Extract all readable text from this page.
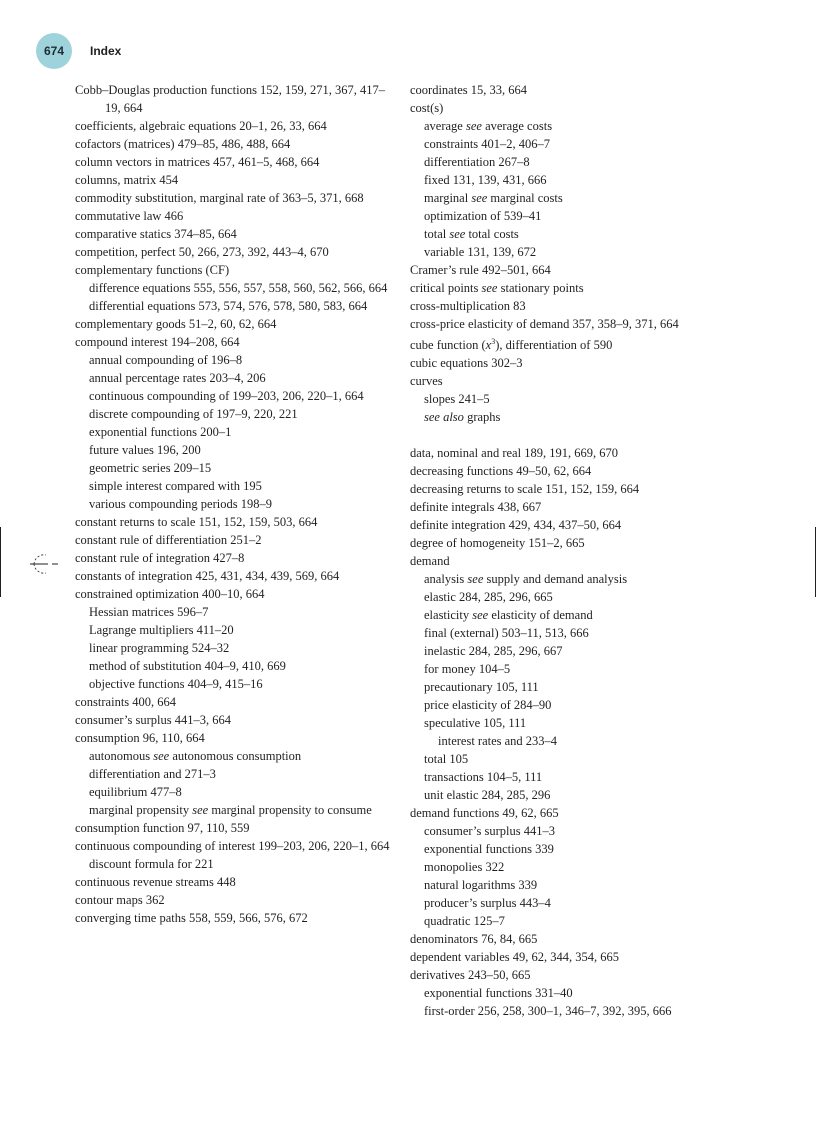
674 Index

Cobb–Douglas production functions 152, 159, 271, 367, 417–19, 664

coefficients, algebraic equations 20–1, 26, 33, 664

cofactors (matrices) 479–85, 486, 488, 664

column vectors in matrices 457, 461–5, 468, 664

columns, matrix 454

commodity substitution, marginal rate of 363–5, 371, 668

commutative law 466

comparative statics 374–85, 664

competition, perfect 50, 266, 273, 392, 443–4, 670

complementary functions (CF)

difference equations 555, 556, 557, 558, 560, 562, 566, 664

differential equations 573, 574, 576, 578, 580, 583, 664

complementary goods 51–2, 60, 62, 664

compound interest 194–208, 664

annual compounding of 196–8

annual percentage rates 203–4, 206

continuous compounding of 199–203, 206, 220–1, 664

discrete compounding of 197–9, 220, 221

exponential functions 200–1

future values 196, 200

geometric series 209–15

simple interest compared with 195

various compounding periods 198–9

constant returns to scale 151, 152, 159, 503, 664

constant rule of differentiation 251–2

constant rule of integration 427–8

constants of integration 425, 431, 434, 439, 569, 664

constrained optimization 400–10, 664

Hessian matrices 596–7

Lagrange multipliers 411–20

linear programming 524–32

method of substitution 404–9, 410, 669

objective functions 404–9, 415–16

constraints 400, 664

consumer’s surplus 441–3, 664

consumption 96, 110, 664

autonomous see autonomous consumption

differentiation and 271–3

equilibrium 477–8

marginal propensity see marginal propensity to consume

consumption function 97, 110, 559

continuous compounding of interest 199–203, 206, 220–1, 664

discount formula for 221

continuous revenue streams 448

contour maps 362

converging time paths 558, 559, 566, 576, 672

coordinates 15, 33, 664

cost(s)

average see average costs

constraints 401–2, 406–7

differentiation 267–8

fixed 131, 139, 431, 666

marginal see marginal costs

optimization of 539–41

total see total costs

variable 131, 139, 672

Cramer’s rule 492–501, 664

critical points see stationary points

cross-multiplication 83

cross-price elasticity of demand 357, 358–9, 371, 664

cube function $(x^3)$, differentiation of 590

cubic equations 302–3

curves

slopes 241–5

see also graphs

data, nominal and real 189, 191, 669, 670

decreasing functions 49–50, 62, 664

decreasing returns to scale 151, 152, 159, 664

definite integrals 438, 667

definite integration 429, 434, 437–50, 664

degree of homogeneity 151–2, 665

demand

analysis see supply and demand analysis

elastic 284, 285, 296, 665

elasticity see elasticity of demand

final (external) 503–11, 513, 666

inelastic 284, 285, 296, 667

for money 104–5

precautionary 105, 111

price elasticity of 284–90

speculative 105, 111

interest rates and 233–4

total 105

transactions 104–5, 111

unit elastic 284, 285, 296

demand functions 49, 62, 665

consumer’s surplus 441–3

exponential functions 339

monopolies 322

natural logarithms 339

producer’s surplus 443–4

quadratic 125–7

denominators 76, 84, 665

dependent variables 49, 62, 344, 354, 665

derivatives 243–50, 665

exponential functions 331–40

first-order 256, 258, 300–1, 346–7, 392, 395, 666
